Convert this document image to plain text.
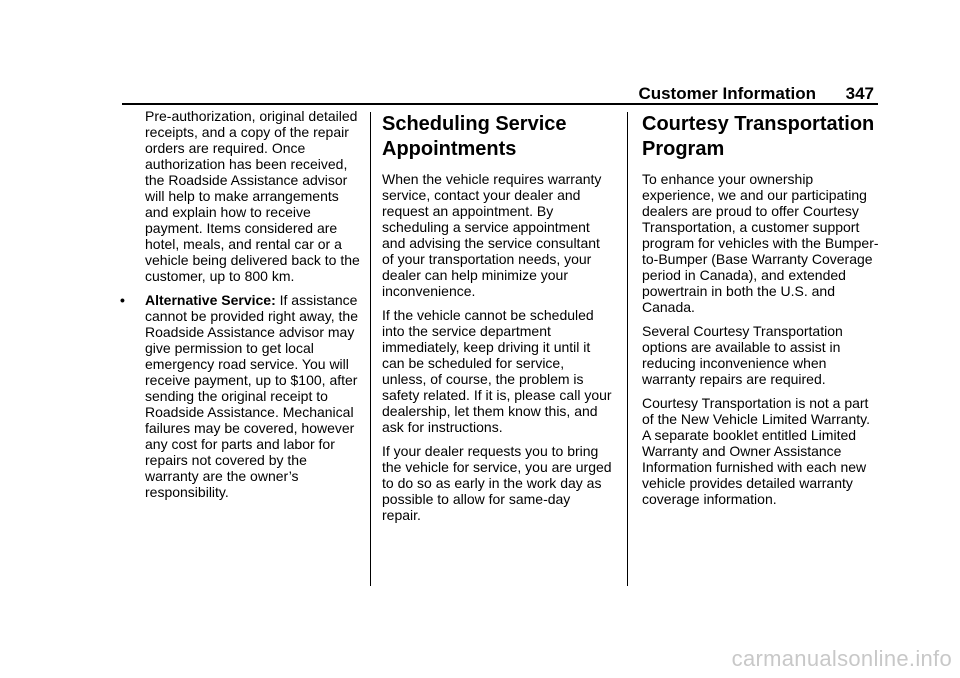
Customer Information 347

Pre-authorization, original detailed receipts, and a copy of the repair orders are required. Once authorization has been received, the Roadside Assistance advisor will help to make arrangements and explain how to receive payment. Items considered are hotel, meals, and rental car or a vehicle being delivered back to the customer, up to 800 km.

• Alternative Service: If assistance cannot be provided right away, the Roadside Assistance advisor may give permission to get local emergency road service. You will receive payment, up to $100, after sending the original receipt to Roadside Assistance. Mechanical failures may be covered, however any cost for parts and labor for repairs not covered by the warranty are the owner’s responsibility.

Scheduling Service Appointments

When the vehicle requires warranty service, contact your dealer and request an appointment. By scheduling a service appointment and advising the service consultant of your transportation needs, your dealer can help minimize your inconvenience.

If the vehicle cannot be scheduled into the service department immediately, keep driving it until it can be scheduled for service, unless, of course, the problem is safety related. If it is, please call your dealership, let them know this, and ask for instructions.

If your dealer requests you to bring the vehicle for service, you are urged to do so as early in the work day as possible to allow for same-day repair.

Courtesy Transportation Program

To enhance your ownership experience, we and our participating dealers are proud to offer Courtesy Transportation, a customer support program for vehicles with the Bumper-to-Bumper (Base Warranty Coverage period in Canada), and extended powertrain in both the U.S. and Canada.

Several Courtesy Transportation options are available to assist in reducing inconvenience when warranty repairs are required.

Courtesy Transportation is not a part of the New Vehicle Limited Warranty. A separate booklet entitled Limited Warranty and Owner Assistance Information furnished with each new vehicle provides detailed warranty coverage information.

carmanualsonline.info
